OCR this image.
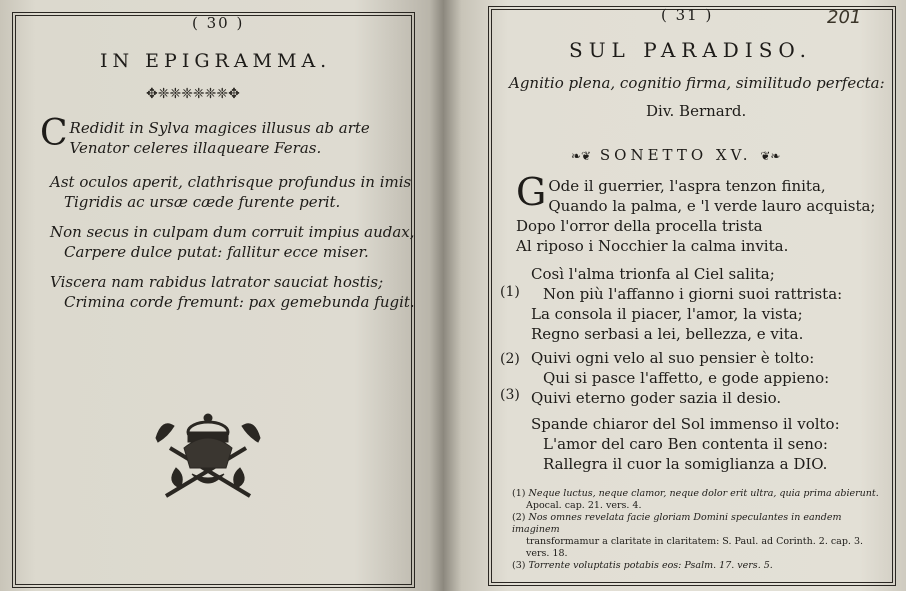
( 30 )
IN EPIGRAMMA.
✥❈❈❈❈❈❈✥
C Redidit in Sylva magices illusus ab arte
Venator celeres illaqueare Feras.
Ast oculos aperit, clathrisque profundus in imis
Tigridis ac ursæ cæde furente perit.
Non secus in culpam dum corruit impius audax,
Carpere dulce putat: fallitur ecce miser.
Viscera nam rabidus latrator sauciat hostis;
Crimina corde fremunt: pax gemebunda fugit.
( 31 )	201
SUL PARADISO.
Agnitio plena, cognitio firma, similitudo perfecta:
Div. Bernard.
❧❦ SONETTO XV. ❦❧
G Ode il guerrier, l'aspra tenzon finita,
Quando la palma, e 'l verde lauro acquista;
Dopo l'orror della procella trista
Al riposo i Nocchier la calma invita.
(1)
Così l'alma trionfa al Ciel salita;
Non più l'affanno i giorni suoi rattrista:
La consola il piacer, l'amor, la vista;
Regno serbasi a lei, bellezza, e vita.
(2)
(3)
Quivi ogni velo al suo pensier è tolto:
Qui si pasce l'affetto, e gode appieno:
Quivi eterno goder sazia il desio.
Spande chiaror del Sol immenso il volto:
L'amor del caro Ben contenta il seno:
Rallegra il cuor la somiglianza a DIO.
(1) Neque luctus, neque clamor, neque dolor erit ultra, quia prima abierunt.
Apocal. cap. 21. vers. 4.
(2) Nos omnes revelata facie gloriam Domini speculantes in eandem imaginem
transformamur a claritate in claritatem: S. Paul. ad Corinth. 2. cap. 3. vers. 18.
(3) Torrente voluptatis potabis eos: Psalm. 17. vers. 5.
